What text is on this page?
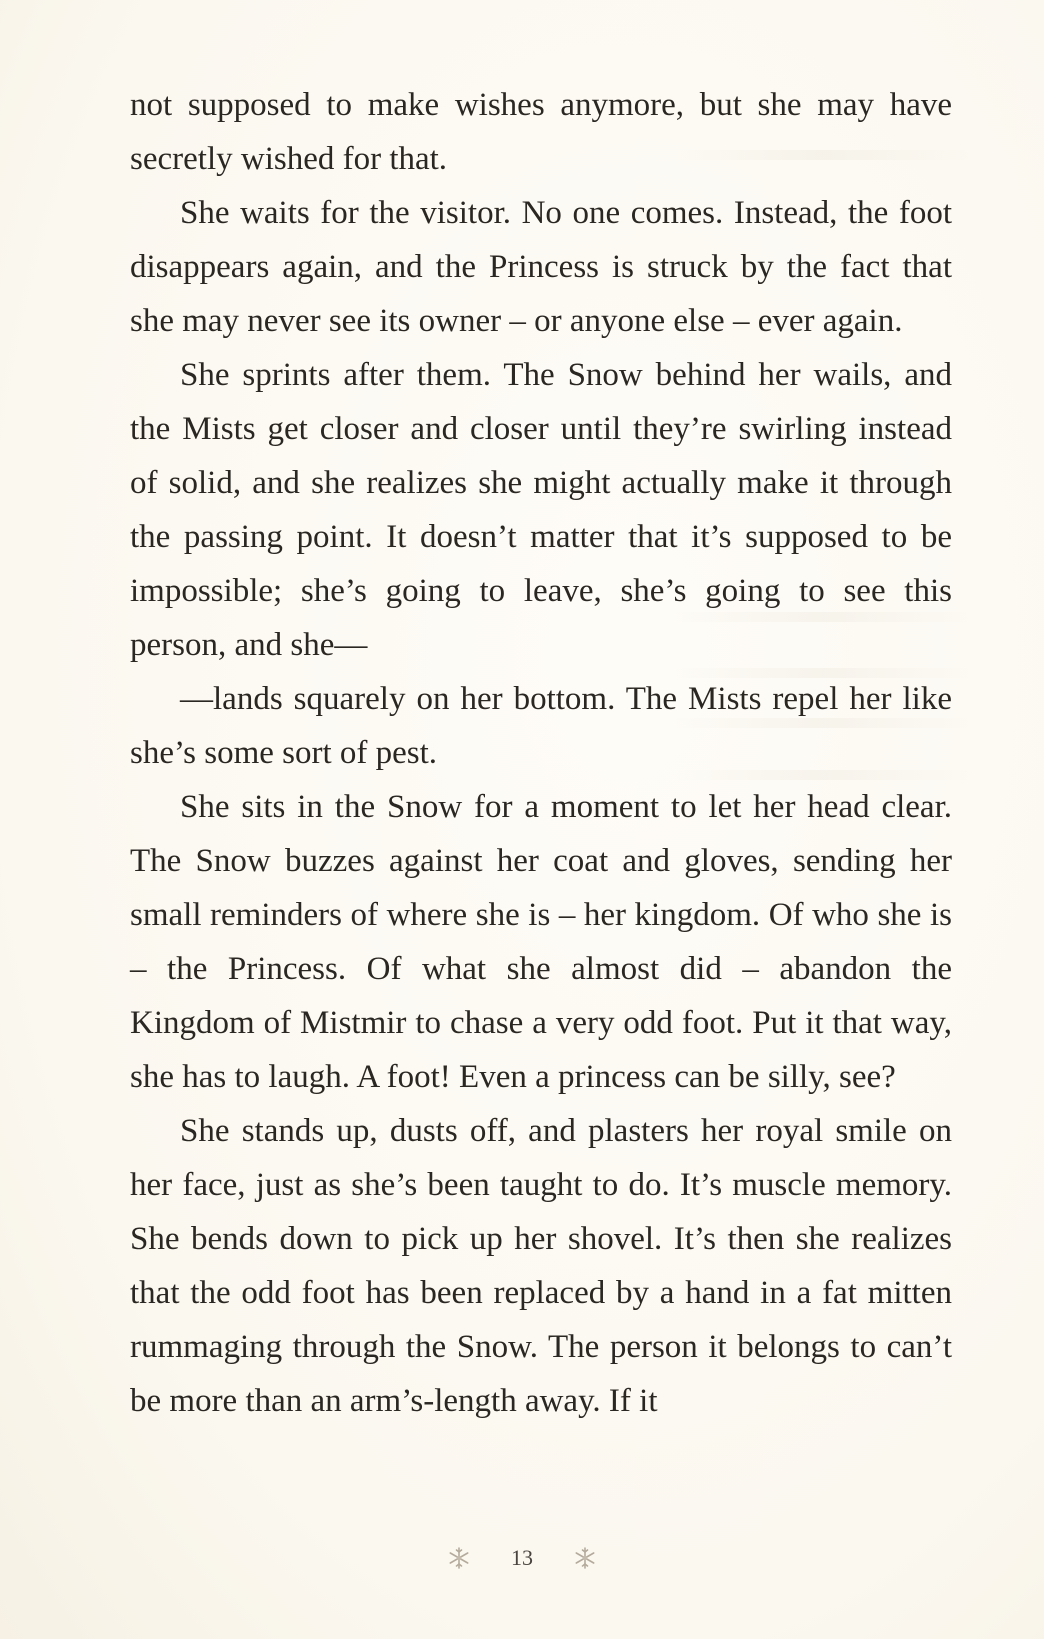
not supposed to make wishes anymore, but she may have secretly wished for that.

She waits for the visitor. No one comes. Instead, the foot disappears again, and the Princess is struck by the fact that she may never see its owner – or anyone else – ever again.

She sprints after them. The Snow behind her wails, and the Mists get closer and closer until they’re swirling instead of solid, and she realizes she might actually make it through the passing point. It doesn’t matter that it’s supposed to be impossible; she’s going to leave, she’s going to see this person, and she—

—lands squarely on her bottom. The Mists repel her like she’s some sort of pest.

She sits in the Snow for a moment to let her head clear. The Snow buzzes against her coat and gloves, sending her small reminders of where she is – her kingdom. Of who she is – the Princess. Of what she almost did – abandon the Kingdom of Mistmir to chase a very odd foot. Put it that way, she has to laugh. A foot! Even a princess can be silly, see?

She stands up, dusts off, and plasters her royal smile on her face, just as she’s been taught to do. It’s muscle memory. She bends down to pick up her shovel. It’s then she realizes that the odd foot has been replaced by a hand in a fat mitten rummaging through the Snow. The person it belongs to can’t be more than an arm’s-length away. If it

13
